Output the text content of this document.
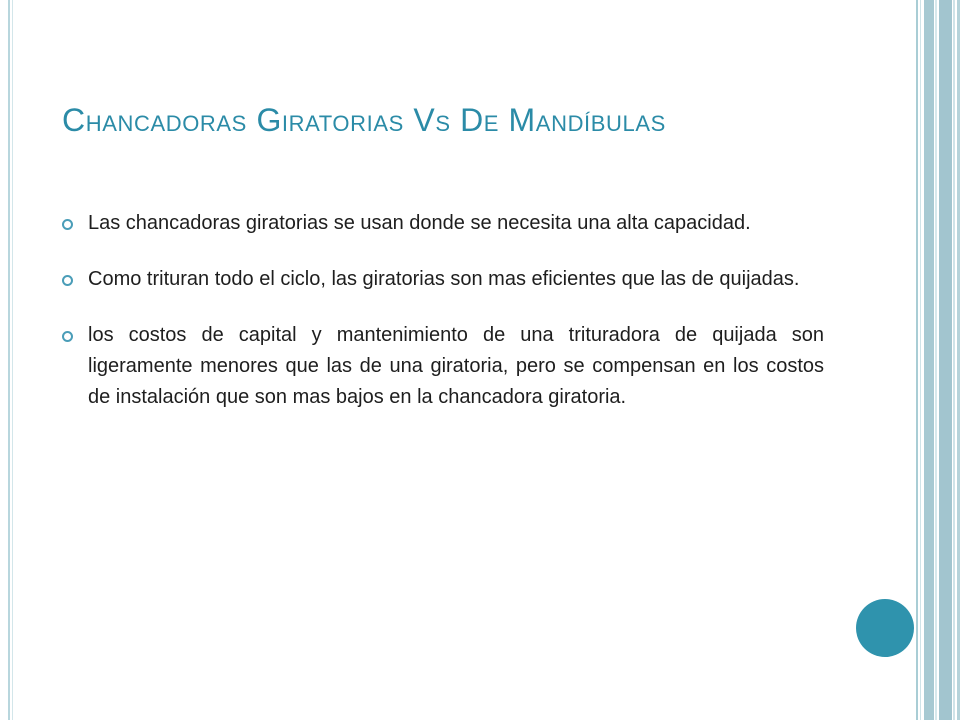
Chancadoras Giratorias Vs De Mandíbulas
Las chancadoras giratorias se usan donde se necesita una alta capacidad.
Como trituran todo el ciclo, las giratorias son mas eficientes que las de quijadas.
los costos de capital y mantenimiento de una trituradora de quijada son ligeramente menores que las de una giratoria, pero se compensan en los costos de instalación que son mas bajos en la chancadora giratoria.
